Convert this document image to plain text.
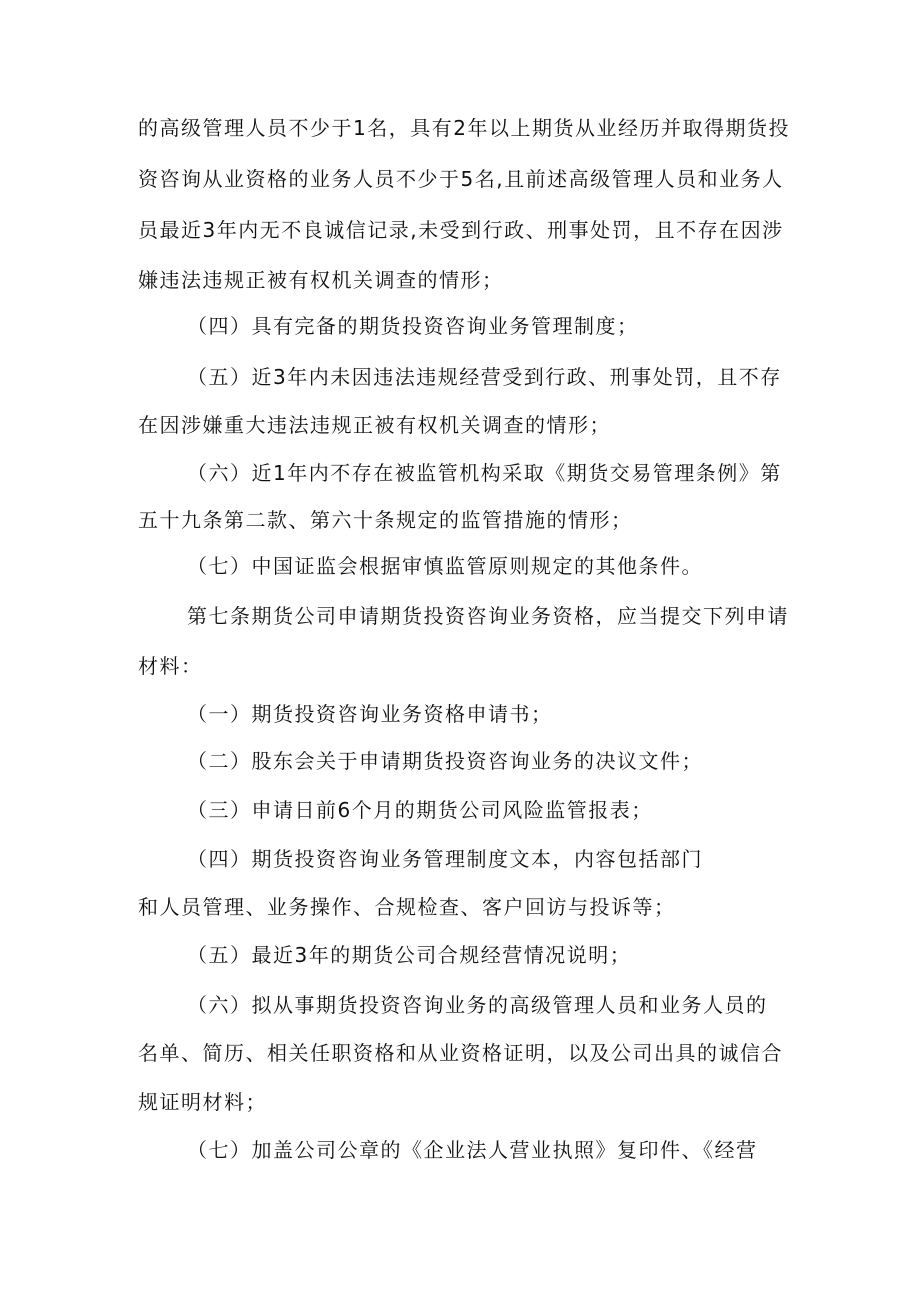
的高级管理人员不少于1名，具有2年以上期货从业经历并取得期货投
资咨询从业资格的业务人员不少于5名,且前述高级管理人员和业务人
员最近3年内无不良诚信记录,未受到行政、刑事处罚，且不存在因涉
嫌违法违规正被有权机关调查的情形；
（四）具有完备的期货投资咨询业务管理制度；
（五）近3年内未因违法违规经营受到行政、刑事处罚，且不存
在因涉嫌重大违法违规正被有权机关调查的情形；
（六）近1年内不存在被监管机构采取《期货交易管理条例》第
五十九条第二款、第六十条规定的监管措施的情形；
（七）中国证监会根据审慎监管原则规定的其他条件。
第七条期货公司申请期货投资咨询业务资格，应当提交下列申请
材料：
（一）期货投资咨询业务资格申请书；
（二）股东会关于申请期货投资咨询业务的决议文件；
（三）申请日前6个月的期货公司风险监管报表；
（四）期货投资咨询业务管理制度文本，内容包括部门
和人员管理、业务操作、合规检查、客户回访与投诉等；
（五）最近3年的期货公司合规经营情况说明；
（六）拟从事期货投资咨询业务的高级管理人员和业务人员的
名单、简历、相关任职资格和从业资格证明，以及公司出具的诚信合
规证明材料；
（七）加盖公司公章的《企业法人营业执照》复印件、《经营
